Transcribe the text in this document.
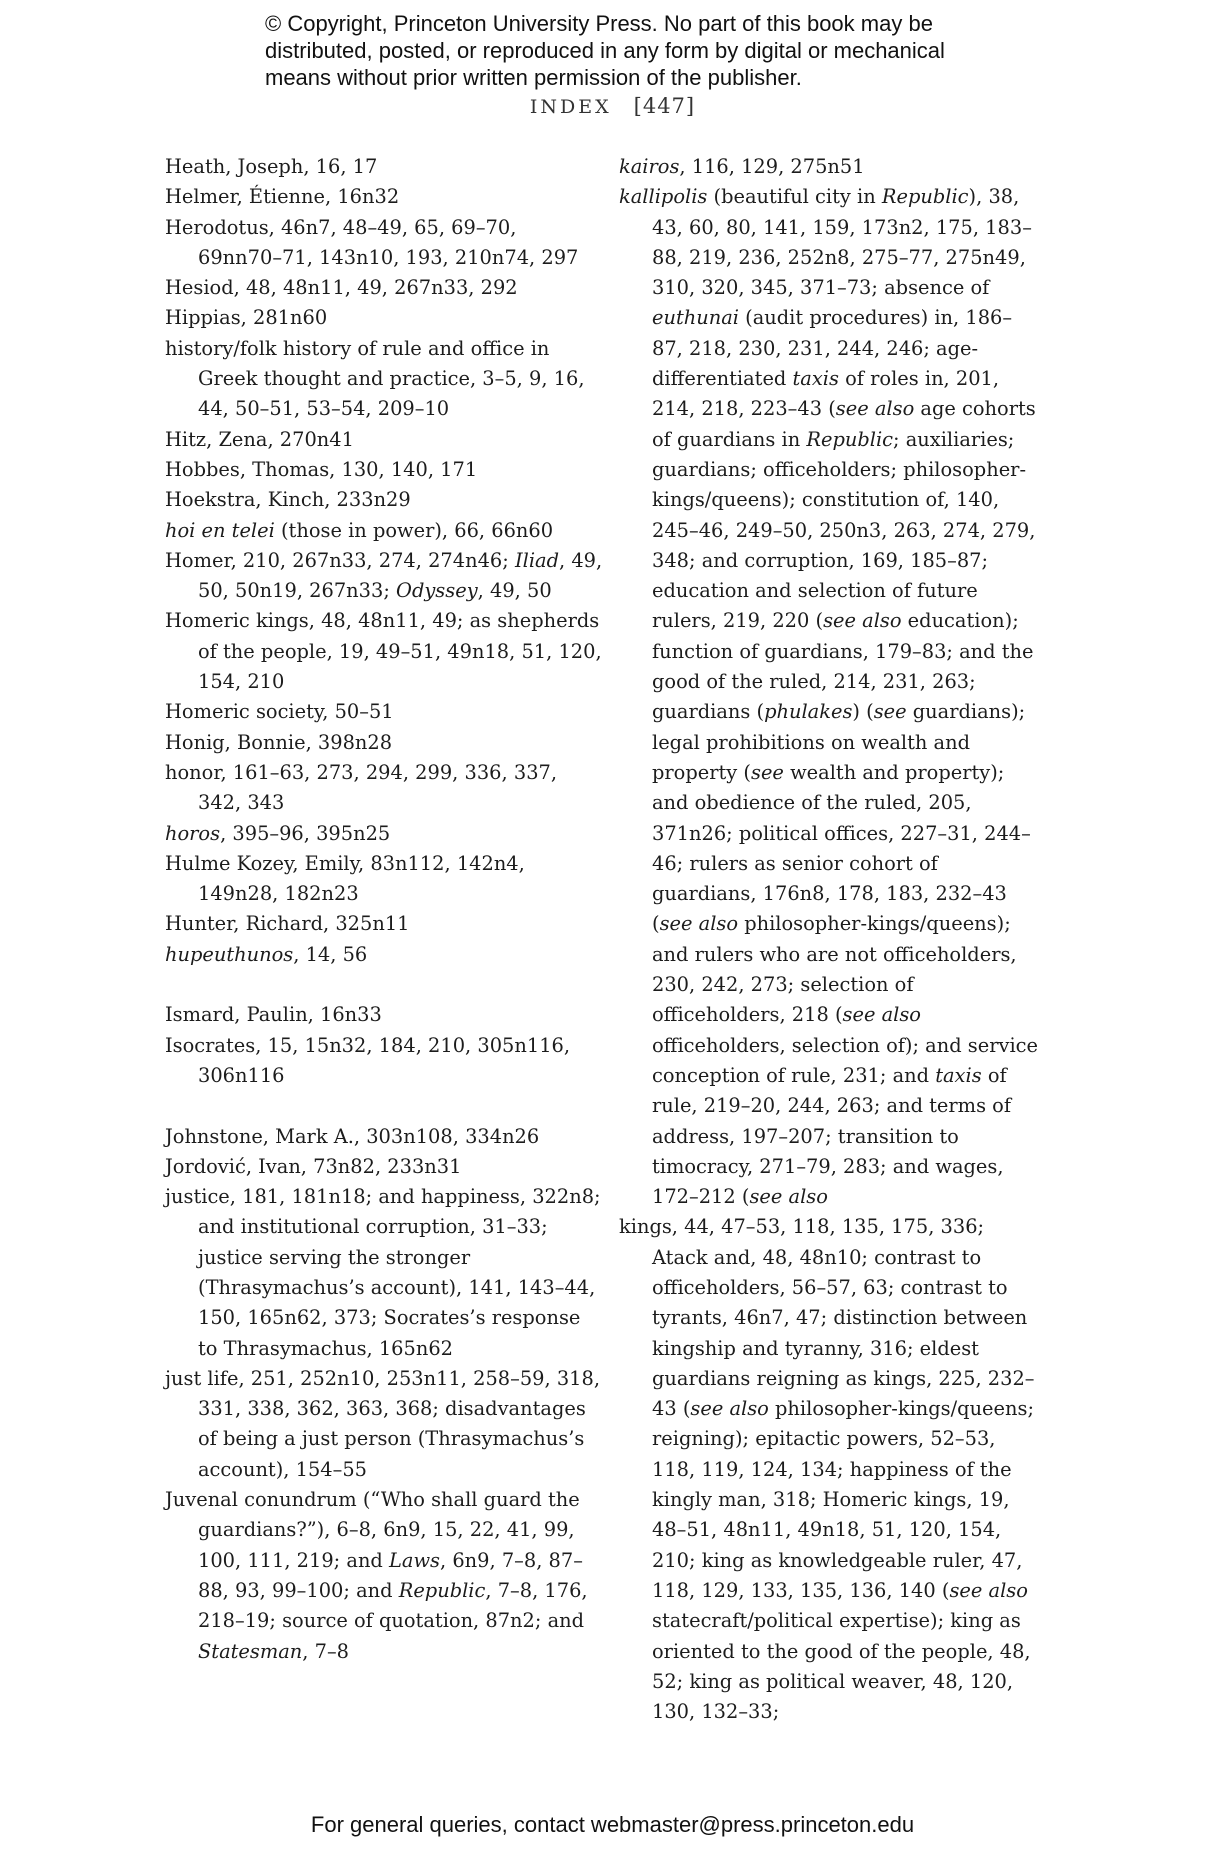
© Copyright, Princeton University Press. No part of this book may be
distributed, posted, or reproduced in any form by digital or mechanical
means without prior written permission of the publisher.
INDEX [447]

Heath, Joseph, 16, 17

Helmer, Étienne, 16n32

Herodotus, 46n7, 48–49, 65, 69–70, 69nn70–71, 143n10, 193, 210n74, 297

Hesiod, 48, 48n11, 49, 267n33, 292

Hippias, 281n60

history/folk history of rule and office in Greek thought and practice, 3–5, 9, 16, 44, 50–51, 53–54, 209–10

Hitz, Zena, 270n41

Hobbes, Thomas, 130, 140, 171

Hoekstra, Kinch, 233n29

hoi en telei (those in power), 66, 66n60

Homer, 210, 267n33, 274, 274n46; Iliad, 49, 50, 50n19, 267n33; Odyssey, 49, 50

Homeric kings, 48, 48n11, 49; as shepherds of the people, 19, 49–51, 49n18, 51, 120, 154, 210

Homeric society, 50–51

Honig, Bonnie, 398n28

honor, 161–63, 273, 294, 299, 336, 337, 342, 343

horos, 395–96, 395n25

Hulme Kozey, Emily, 83n112, 142n4, 149n28, 182n23

Hunter, Richard, 325n11

hupeuthunos, 14, 56

Ismard, Paulin, 16n33

Isocrates, 15, 15n32, 184, 210, 305n116, 306n116

Johnstone, Mark A., 303n108, 334n26

Jordović, Ivan, 73n82, 233n31

justice, 181, 181n18; and happiness, 322n8; and institutional corruption, 31–33; justice serving the stronger (Thrasymachus’s account), 141, 143–44, 150, 165n62, 373; Socrates’s response to Thrasymachus, 165n62

just life, 251, 252n10, 253n11, 258–59, 318, 331, 338, 362, 363, 368; disadvantages of being a just person (Thrasymachus’s account), 154–55

Juvenal conundrum (“Who shall guard the guardians?”), 6–8, 6n9, 15, 22, 41, 99, 100, 111, 219; and Laws, 6n9, 7–8, 87–88, 93, 99–100; and Republic, 7–8, 176, 218–19; source of quotation, 87n2; and Statesman, 7–8

kairos, 116, 129, 275n51

kallipolis (beautiful city in Republic), 38, 43, 60, 80, 141, 159, 173n2, 175, 183–88, 219, 236, 252n8, 275–77, 275n49, 310, 320, 345, 371–73; absence of euthunai (audit procedures) in, 186–87, 218, 230, 231, 244, 246; age-differentiated taxis of roles in, 201, 214, 218, 223–43 (see also age cohorts of guardians in Republic; auxiliaries; guardians; officeholders; philosopher-kings/queens); constitution of, 140, 245–46, 249–50, 250n3, 263, 274, 279, 348; and corruption, 169, 185–87; education and selection of future rulers, 219, 220 (see also education); function of guardians, 179–83; and the good of the ruled, 214, 231, 263; guardians (phulakes) (see guardians); legal prohibitions on wealth and property (see wealth and property); and obedience of the ruled, 205, 371n26; political offices, 227–31, 244–46; rulers as senior cohort of guardians, 176n8, 178, 183, 232–43 (see also philosopher-kings/queens); and rulers who are not officeholders, 230, 242, 273; selection of officeholders, 218 (see also officeholders, selection of); and service conception of rule, 231; and taxis of rule, 219–20, 244, 263; and terms of address, 197–207; transition to timocracy, 271–79, 283; and wages, 172–212 (see also

kings, 44, 47–53, 118, 135, 175, 336; Atack and, 48, 48n10; contrast to officeholders, 56–57, 63; contrast to tyrants, 46n7, 47; distinction between kingship and tyranny, 316; eldest guardians reigning as kings, 225, 232–43 (see also philosopher-kings/queens; reigning); epitactic powers, 52–53, 118, 119, 124, 134; happiness of the kingly man, 318; Homeric kings, 19, 48–51, 48n11, 49n18, 51, 120, 154, 210; king as knowledgeable ruler, 47, 118, 129, 133, 135, 136, 140 (see also statecraft/political expertise); king as oriented to the good of the people, 48, 52; king as political weaver, 48, 120, 130, 132–33;

For general queries, contact webmaster@press.princeton.edu
